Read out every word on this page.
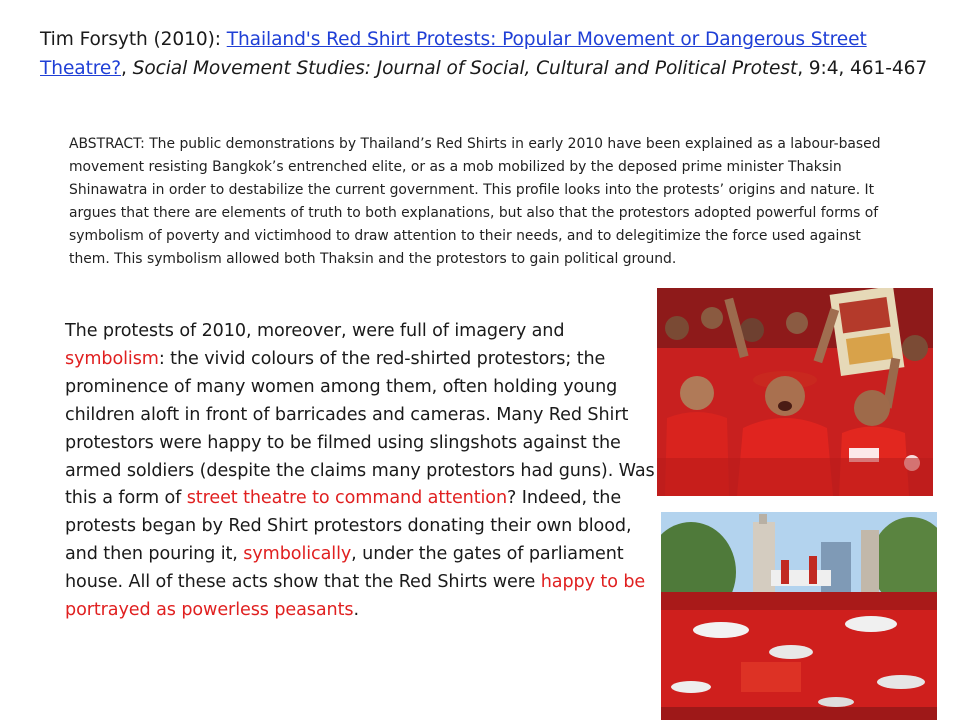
Tim Forsyth (2010): Thailand's Red Shirt Protests: Popular Movement or Dangerous Street Theatre?, Social Movement Studies: Journal of Social, Cultural and Political Protest, 9:4, 461-467
ABSTRACT: The public demonstrations by Thailand’s Red Shirts in early 2010 have been explained as a labour-based movement resisting Bangkok’s entrenched elite, or as a mob mobilized by the deposed prime minister Thaksin Shinawatra in order to destabilize the current government. This profile looks into the protests’ origins and nature. It argues that there are elements of truth to both explanations, but also that the protestors adopted powerful forms of symbolism of poverty and victimhood to draw attention to their needs, and to delegitimize the force used against them. This symbolism allowed both Thaksin and the protestors to gain political ground.
The protests of 2010, moreover, were full of imagery and symbolism: the vivid colours of the red-shirted protestors; the prominence of many women among them, often holding young children aloft in front of barricades and cameras. Many Red Shirt protestors were happy to be filmed using slingshots against the armed soldiers (despite the claims many protestors had guns). Was this a form of street theatre to command attention? Indeed, the protests began by Red Shirt protestors donating their own blood, and then pouring it, symbolically, under the gates of parliament house. All of these acts show that the Red Shirts were happy to be portrayed as powerless peasants.
